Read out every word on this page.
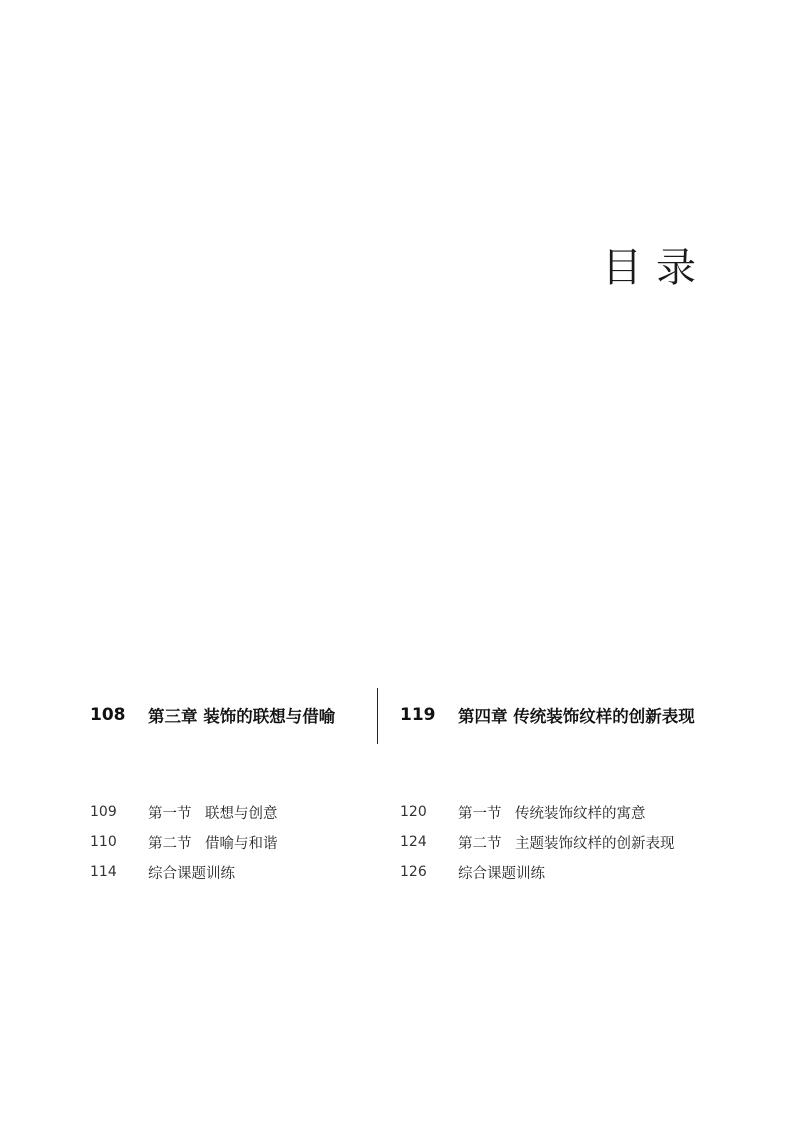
目录
108	第三章 装饰的联想与借喻	119	第四章 传统装饰纹样的创新表现
109	第一节 联想与创意
110	第二节 借喻与和谐
114	综合课题训练
120	第一节 传统装饰纹样的寓意
124	第二节 主题装饰纹样的创新表现
126	综合课题训练
